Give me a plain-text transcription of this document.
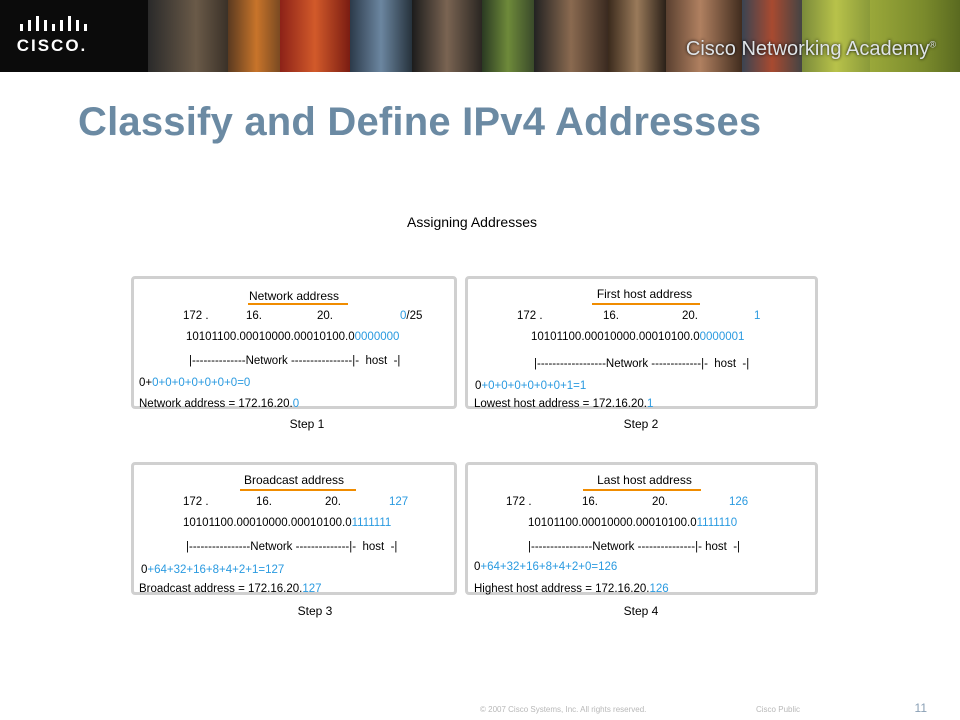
CISCO.	Cisco Networking Academy®
Classify and Define IPv4 Addresses
Assigning Addresses
Network address
172 .	16.	20.	0/25
10101100.00010000.00010100.00000000
|--------------Network ----------------|-  host  -|
0+0+0+0+0+0+0+0=0
Network address = 172.16.20.0
Step 1
First host address
172 .	16.	20.	1
10101100.00010000.00010100.00000001
|------------------Network -------------|-  host  -|
0+0+0+0+0+0+0+1=1
Lowest host address = 172.16.20.1
Step 2
Broadcast address
172 .	16.	20.	127
10101100.00010000.00010100.01111111
|----------------Network --------------|-  host  -|
0+64+32+16+8+4+2+1=127
Broadcast address = 172.16.20.127
Step 3
Last host address
172 .	16.	20.	126
10101100.00010000.00010100.01111110
|----------------Network ---------------|- host  -|
0+64+32+16+8+4+2+0=126
Highest host address = 172.16.20.126
Step 4
© 2007 Cisco Systems, Inc. All rights reserved.	Cisco Public	11
